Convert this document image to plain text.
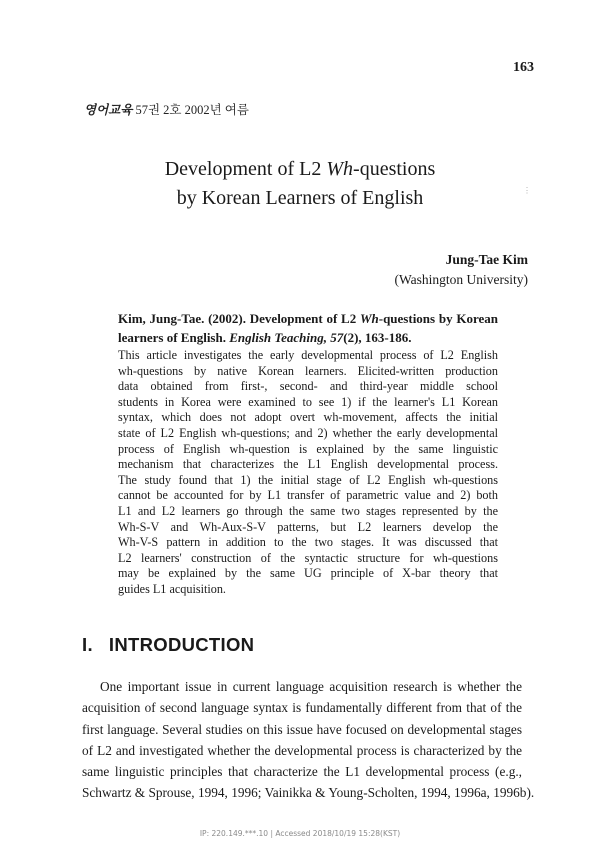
163
영어교육 57권 2호 2002년 여름
Development of L2 Wh-questions
by Korean Learners of English	⋮
Jung-Tae Kim
(Washington University)
Kim, Jung-Tae. (2002). Development of L2 Wh-questions by Korean learners of English. English Teaching, 57(2), 163-186.
This article investigates the early developmental process of L2 English
wh-questions by native Korean learners. Elicited-written production
data obtained from first-, second- and third-year middle school
students in Korea were examined to see 1) if the learner's L1 Korean
syntax, which does not adopt overt wh-movement, affects the initial
state of L2 English wh-questions; and 2) whether the early developmental
process of English wh-question is explained by the same linguistic
mechanism that characterizes the L1 English developmental process.
The study found that 1) the initial stage of L2 English wh-questions
cannot be accounted for by L1 transfer of parametric value and 2) both
L1 and L2 learners go through the same two stages represented by the
Wh-S-V and Wh-Aux-S-V patterns, but L2 learners develop the
Wh-V-S pattern in addition to the two stages. It was discussed that
L2 learners' construction of the syntactic structure for wh-questions
may be explained by the same UG principle of X-bar theory that
guides L1 acquisition.
I. INTRODUCTION
One important issue in current language acquisition research is whether the
acquisition of second language syntax is fundamentally different from that of the
first language. Several studies on this issue have focused on developmental stages
of L2 and investigated whether the developmental process is characterized by the
same linguistic principles that characterize the L1 developmental process (e.g.,
Schwartz & Sprouse, 1994, 1996; Vainikka & Young-Scholten, 1994, 1996a, 1996b).
IP: 220.149.***.10 | Accessed 2018/10/19 15:28(KST)
